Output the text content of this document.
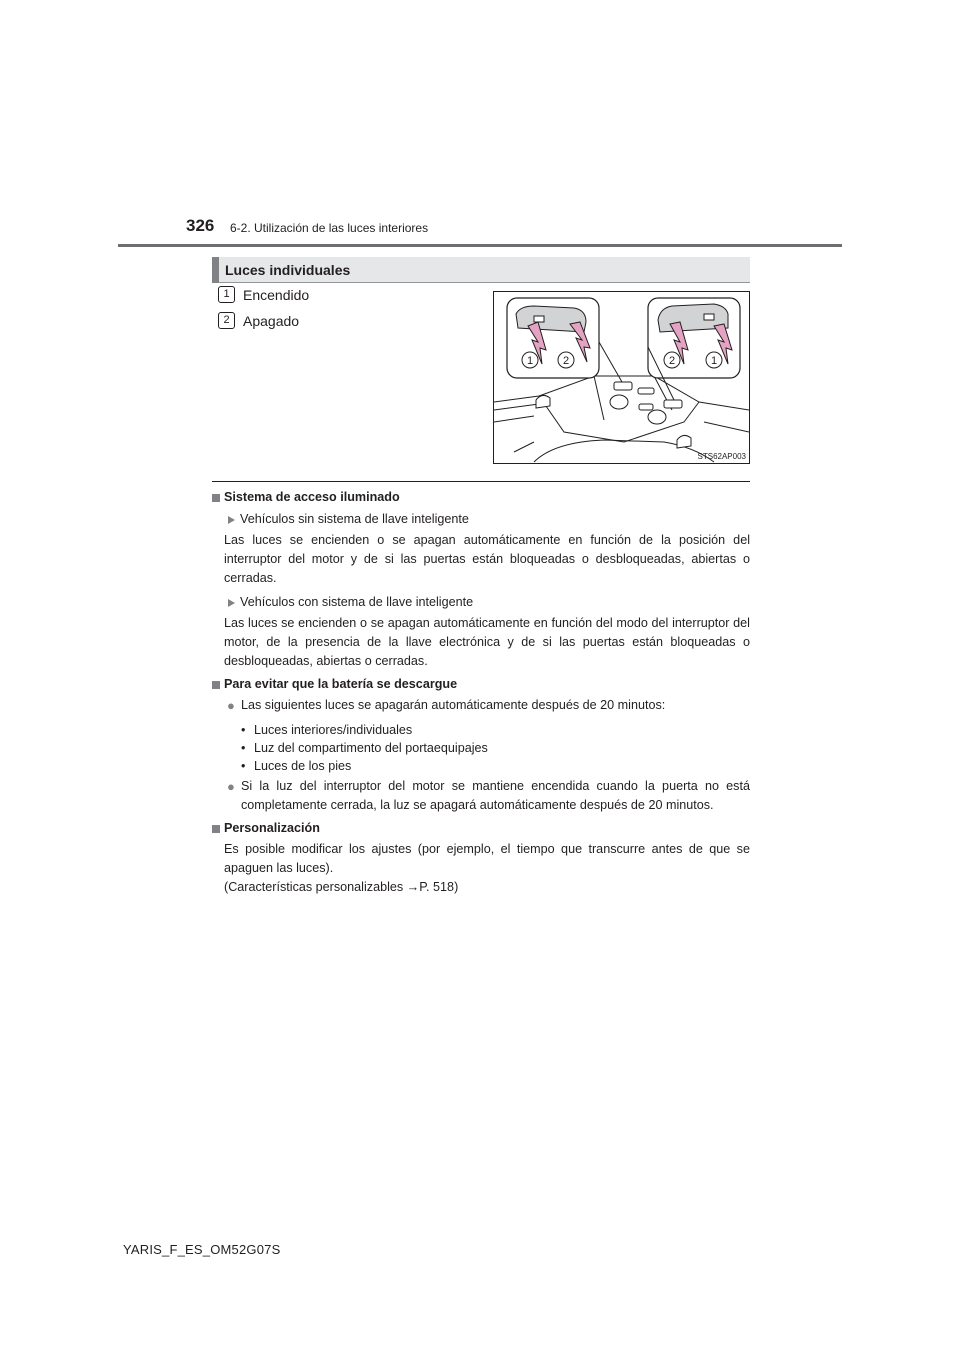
326 6-2. Utilización de las luces interiores
Luces individuales
1 Encendido
2 Apagado
1	2	2	1
STS62AP003
Sistema de acceso iluminado
Vehículos sin sistema de llave inteligente
Las luces se encienden o se apagan automáticamente en función de la posición del interruptor del motor y de si las puertas están bloqueadas o desbloqueadas, abiertas o cerradas.
Vehículos con sistema de llave inteligente
Las luces se encienden o se apagan automáticamente en función del modo del interruptor del motor, de la presencia de la llave electrónica y de si las puertas están bloqueadas o desbloqueadas, abiertas o cerradas.
Para evitar que la batería se descargue
● Las siguientes luces se apagarán automáticamente después de 20 minutos:
• Luces interiores/individuales
• Luz del compartimento del portaequipajes
• Luces de los pies
● Si la luz del interruptor del motor se mantiene encendida cuando la puerta no está completamente cerrada, la luz se apagará automáticamente después de 20 minutos.
Personalización
Es posible modificar los ajustes (por ejemplo, el tiempo que transcurre antes de que se apaguen las luces).
(Características personalizables →P. 518)
YARIS_F_ES_OM52G07S
